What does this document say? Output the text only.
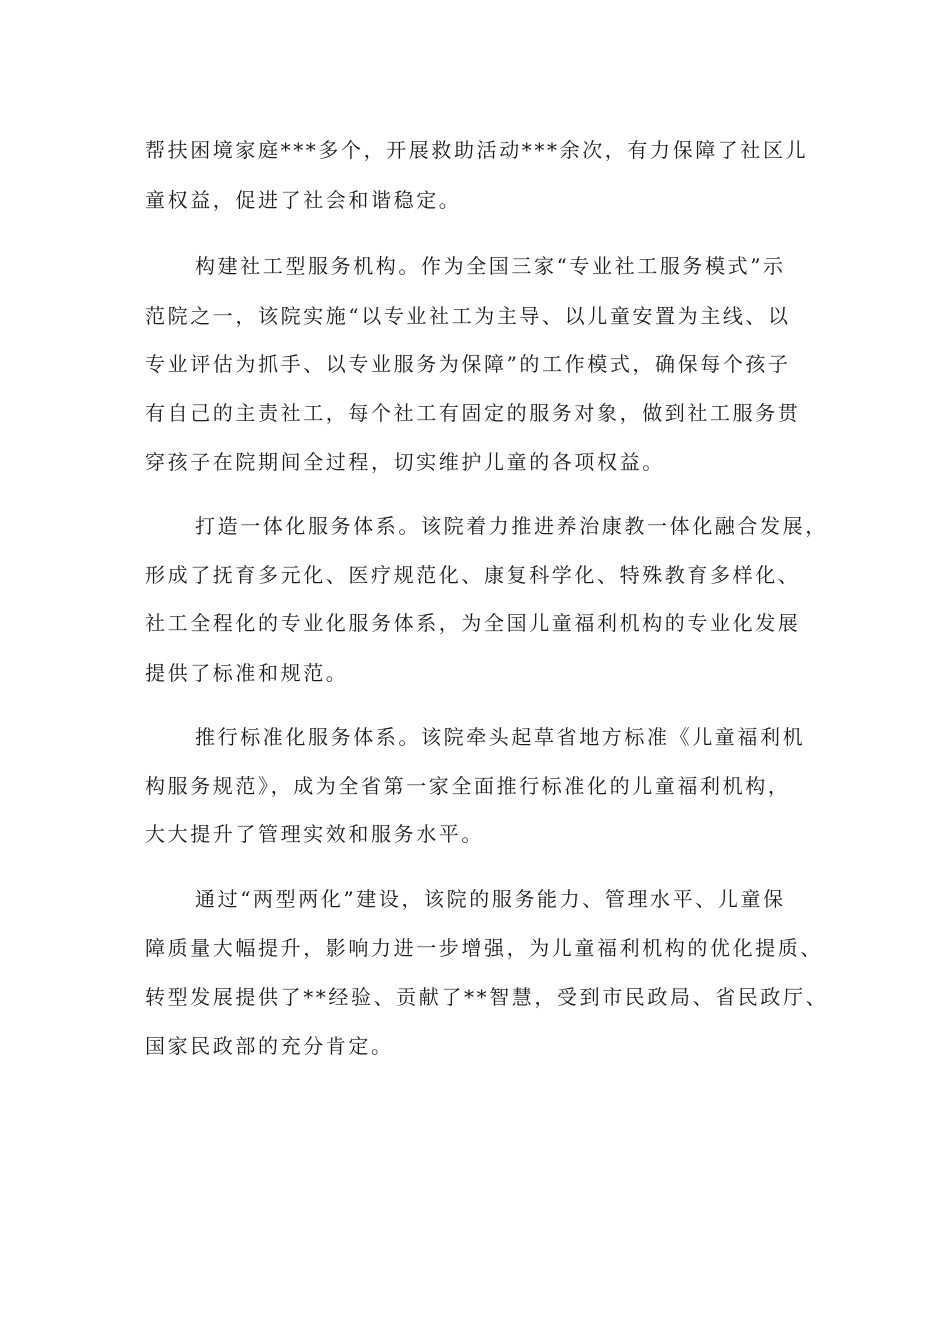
帮扶困境家庭***多个，开展救助活动***余次，有力保障了社区儿
童权益，促进了社会和谐稳定。
构建社工型服务机构。作为全国三家“专业社工服务模式”示
范院之一，该院实施“以专业社工为主导、以儿童安置为主线、以
专业评估为抓手、以专业服务为保障”的工作模式，确保每个孩子
有自己的主责社工，每个社工有固定的服务对象，做到社工服务贯
穿孩子在院期间全过程，切实维护儿童的各项权益。
打造一体化服务体系。该院着力推进养治康教一体化融合发展，
形成了抚育多元化、医疗规范化、康复科学化、特殊教育多样化、
社工全程化的专业化服务体系，为全国儿童福利机构的专业化发展
提供了标准和规范。
推行标准化服务体系。该院牵头起草省地方标准《儿童福利机
构服务规范》，成为全省第一家全面推行标准化的儿童福利机构，
大大提升了管理实效和服务水平。
通过“两型两化”建设，该院的服务能力、管理水平、儿童保
障质量大幅提升，影响力进一步增强，为儿童福利机构的优化提质、
转型发展提供了**经验、贡献了**智慧，受到市民政局、省民政厅、
国家民政部的充分肯定。
